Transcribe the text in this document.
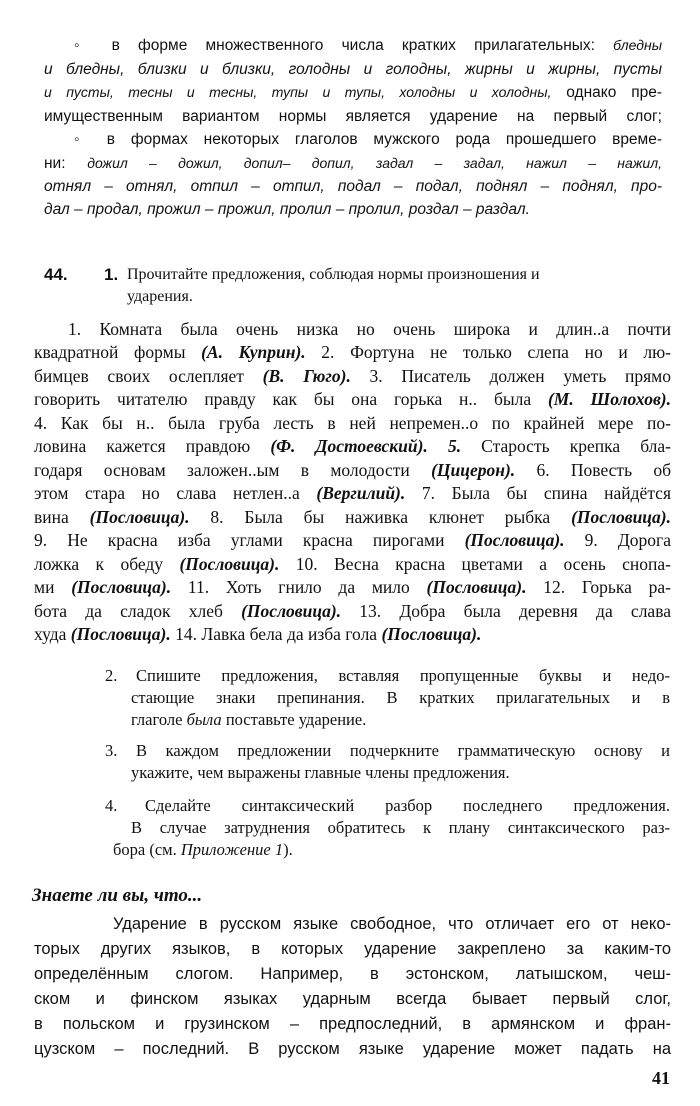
◦ в форме множественного числа кратких прилагательных: бледны
и бледны, близки и близки, голодны и голодны, жирны и жирны, пусты
и пусты, тесны и тесны, тупы и тупы, холодны и холодны, однако пре-
имущественным вариантом нормы является ударение на первый слог;
◦ в формах некоторых глаголов мужского рода прошедшего време-
ни: дожил – дожил, допил– допил, задал – задал, нажил – нажил,
отнял – отнял, отпил – отпил, подал – подал, поднял – поднял, про-
дал – продал, прожил – прожил, пролил – пролил, роздал – раздал.
44. 1. Прочитайте предложения, соблюдая нормы произношения и
ударения.
1. Комната была очень низка но очень широка и длин..а почти
квадратной формы (А. Куприн). 2. Фортуна не только слепа но и лю-
бимцев своих ослепляет (В. Гюго). 3. Писатель должен уметь прямо
говорить читателю правду как бы она горька н.. была (М. Шолохов).
4. Как бы н.. была груба лесть в ней непремен..о по крайней мере по-
ловина кажется правдою (Ф. Достоевский). 5. Старость крепка бла-
годаря основам заложен..ым в молодости (Цицерон). 6. Повесть об
этом стара но слава нетлен..а (Вергилий). 7. Была бы спина найдётся
вина (Пословица). 8. Была бы наживка клюнет рыбка (Пословица).
9. Не красна изба углами красна пирогами (Пословица). 9. Дорога
ложка к обеду (Пословица). 10. Весна красна цветами а осень снопа-
ми (Пословица). 11. Хоть гнило да мило (Пословица). 12. Горька ра-
бота да сладок хлеб (Пословица). 13. Добра была деревня да слава
худа (Пословица). 14. Лавка бела да изба гола (Пословица).
2. Спишите предложения, вставляя пропущенные буквы и недо-
стающие знаки препинания. В кратких прилагательных и в
глаголе была поставьте ударение.
3.	В каждом предложении подчеркните грамматическую основу и
укажите, чем выражены главные члены предложения.
4.	Сделайте синтаксический разбор последнего предложения.
В случае затруднения обратитесь к плану синтаксического раз-
бора (см. Приложение 1).
Знаете ли вы, что...
Ударение в русском языке свободное, что отличает его от неко-
торых других языков, в которых ударение закреплено за каким-то
определённым слогом. Например, в эстонском, латышском, чеш-
ском и финском языках ударным всегда бывает первый слог,
в польском и грузинском – предпоследний, в армянском и фран-
цузском – последний. В русском языке ударение может падать на
41
